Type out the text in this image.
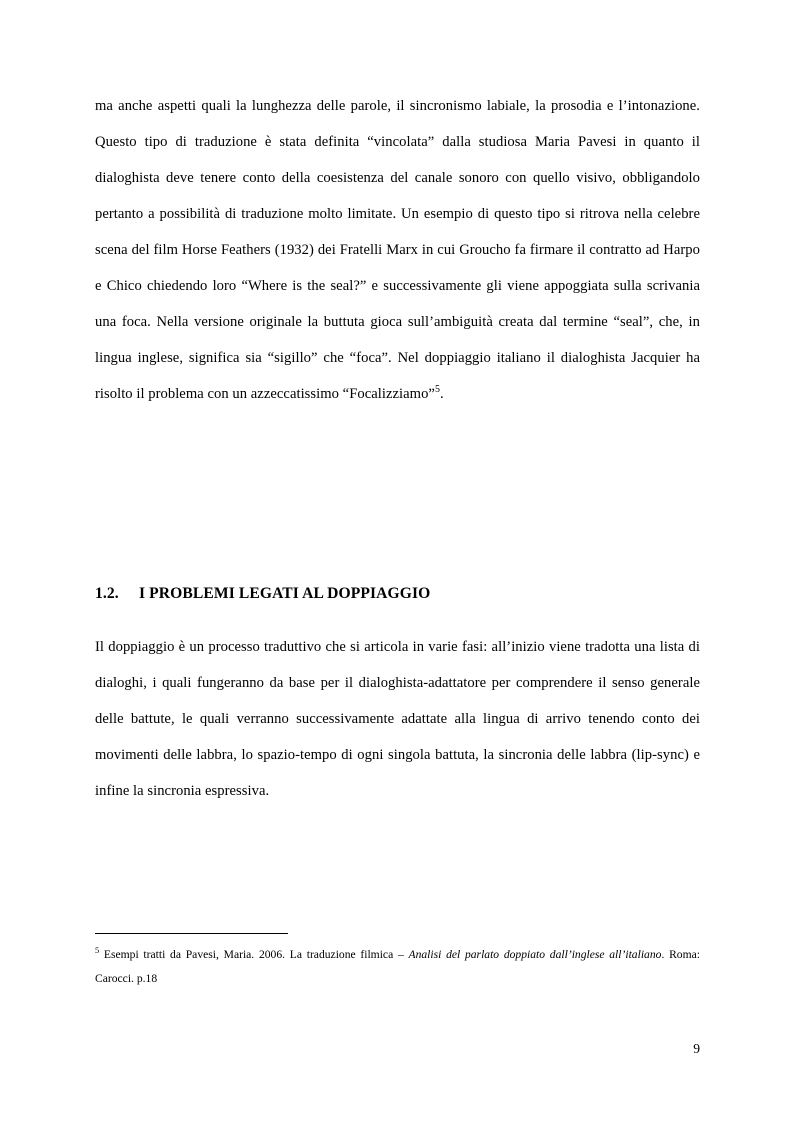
ma anche aspetti quali la lunghezza delle parole, il sincronismo labiale, la prosodia e l’intonazione. Questo tipo di traduzione è stata definita “vincolata” dalla studiosa Maria Pavesi in quanto il dialoghista deve tenere conto della coesistenza del canale sonoro con quello visivo, obbligandolo pertanto a possibilità di traduzione molto limitate. Un esempio di questo tipo si ritrova nella celebre scena del film Horse Feathers (1932) dei Fratelli Marx in cui Groucho fa firmare il contratto ad Harpo e Chico chiedendo loro “Where is the seal?” e successivamente gli viene appoggiata sulla scrivania una foca. Nella versione originale la buttuta gioca sull’ambiguità creata dal termine “seal”, che, in lingua inglese, significa sia “sigillo” che “foca”. Nel doppiaggio italiano il dialoghista Jacquier ha risolto il problema con un azzeccatissimo “Focalizziamo”$^5$.

1.2. I PROBLEMI LEGATI AL DOPPIAGGIO

Il doppiaggio è un processo traduttivo che si articola in varie fasi: all’inizio viene tradotta una lista di dialoghi, i quali fungeranno da base per il dialoghista-adattatore per comprendere il senso generale delle battute, le quali verranno successivamente adattate alla lingua di arrivo tenendo conto dei movimenti delle labbra, lo spazio-tempo di ogni singola battuta, la sincronia delle labbra (lip-sync) e infine la sincronia espressiva.

$^5$ Esempi tratti da Pavesi, Maria. 2006. La traduzione filmica – Analisi del parlato doppiato dall’inglese all’italiano. Roma: Carocci. p.18

9
